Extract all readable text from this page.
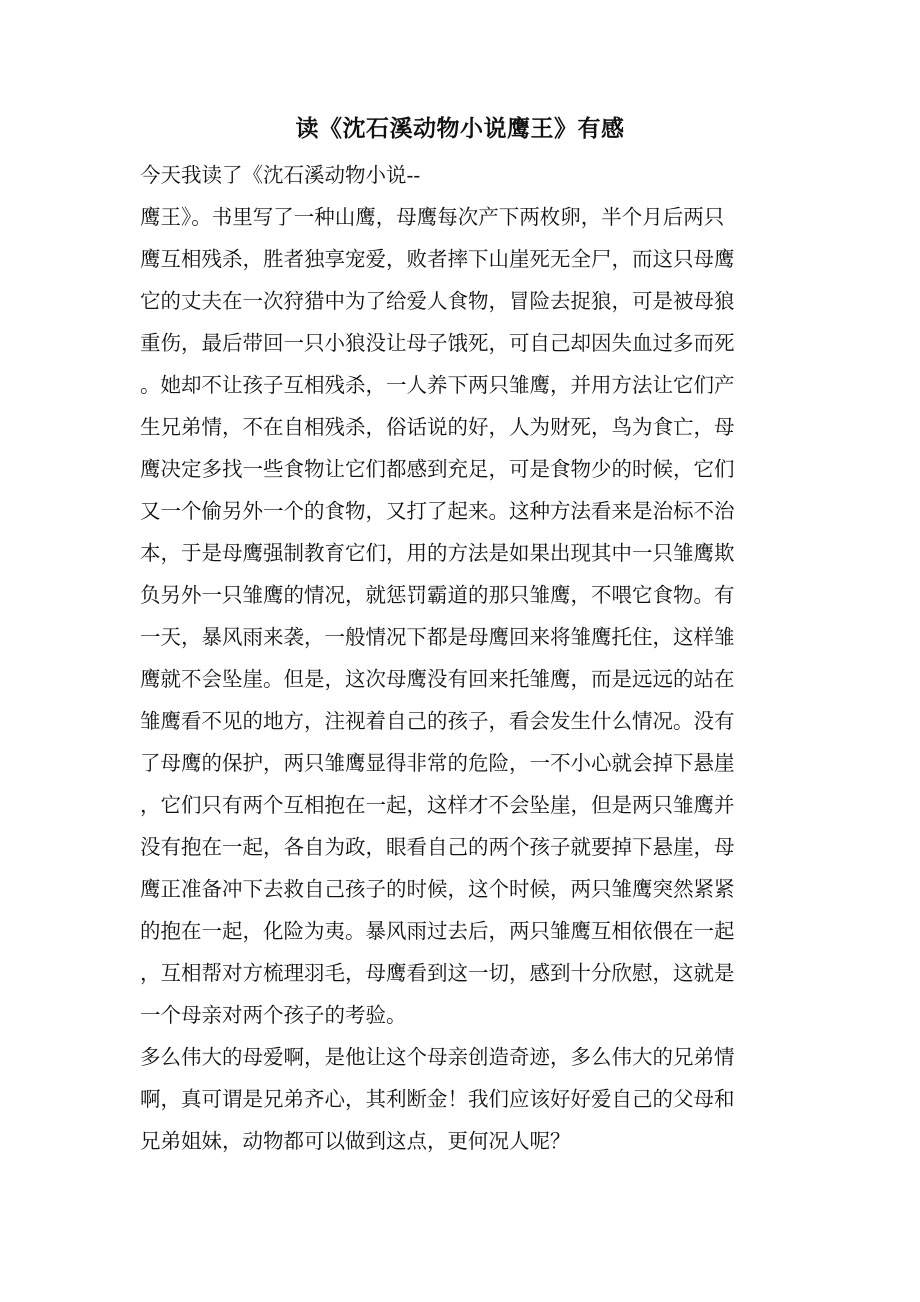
读《沈石溪动物小说鹰王》有感

今天我读了《沈石溪动物小说--

鹰王》。书里写了一种山鹰，母鹰每次产下两枚卵，半个月后两只

鹰互相残杀，胜者独享宠爱，败者摔下山崖死无全尸，而这只母鹰

它的丈夫在一次狩猎中为了给爱人食物，冒险去捉狼，可是被母狼

重伤，最后带回一只小狼没让母子饿死，可自己却因失血过多而死

。她却不让孩子互相残杀，一人养下两只雏鹰，并用方法让它们产

生兄弟情，不在自相残杀，俗话说的好，人为财死，鸟为食亡，母

鹰决定多找一些食物让它们都感到充足，可是食物少的时候，它们

又一个偷另外一个的食物，又打了起来。这种方法看来是治标不治

本，于是母鹰强制教育它们，用的方法是如果出现其中一只雏鹰欺

负另外一只雏鹰的情况，就惩罚霸道的那只雏鹰，不喂它食物。有

一天，暴风雨来袭，一般情况下都是母鹰回来将雏鹰托住，这样雏

鹰就不会坠崖。但是，这次母鹰没有回来托雏鹰，而是远远的站在

雏鹰看不见的地方，注视着自己的孩子，看会发生什么情况。没有

了母鹰的保护，两只雏鹰显得非常的危险，一不小心就会掉下悬崖

，它们只有两个互相抱在一起，这样才不会坠崖，但是两只雏鹰并

没有抱在一起，各自为政，眼看自己的两个孩子就要掉下悬崖，母

鹰正准备冲下去救自己孩子的时候，这个时候，两只雏鹰突然紧紧

的抱在一起，化险为夷。暴风雨过去后，两只雏鹰互相依偎在一起

，互相帮对方梳理羽毛，母鹰看到这一切，感到十分欣慰，这就是

一个母亲对两个孩子的考验。

多么伟大的母爱啊，是他让这个母亲创造奇迹，多么伟大的兄弟情

啊，真可谓是兄弟齐心，其利断金！我们应该好好爱自己的父母和

兄弟姐妹，动物都可以做到这点，更何况人呢？
